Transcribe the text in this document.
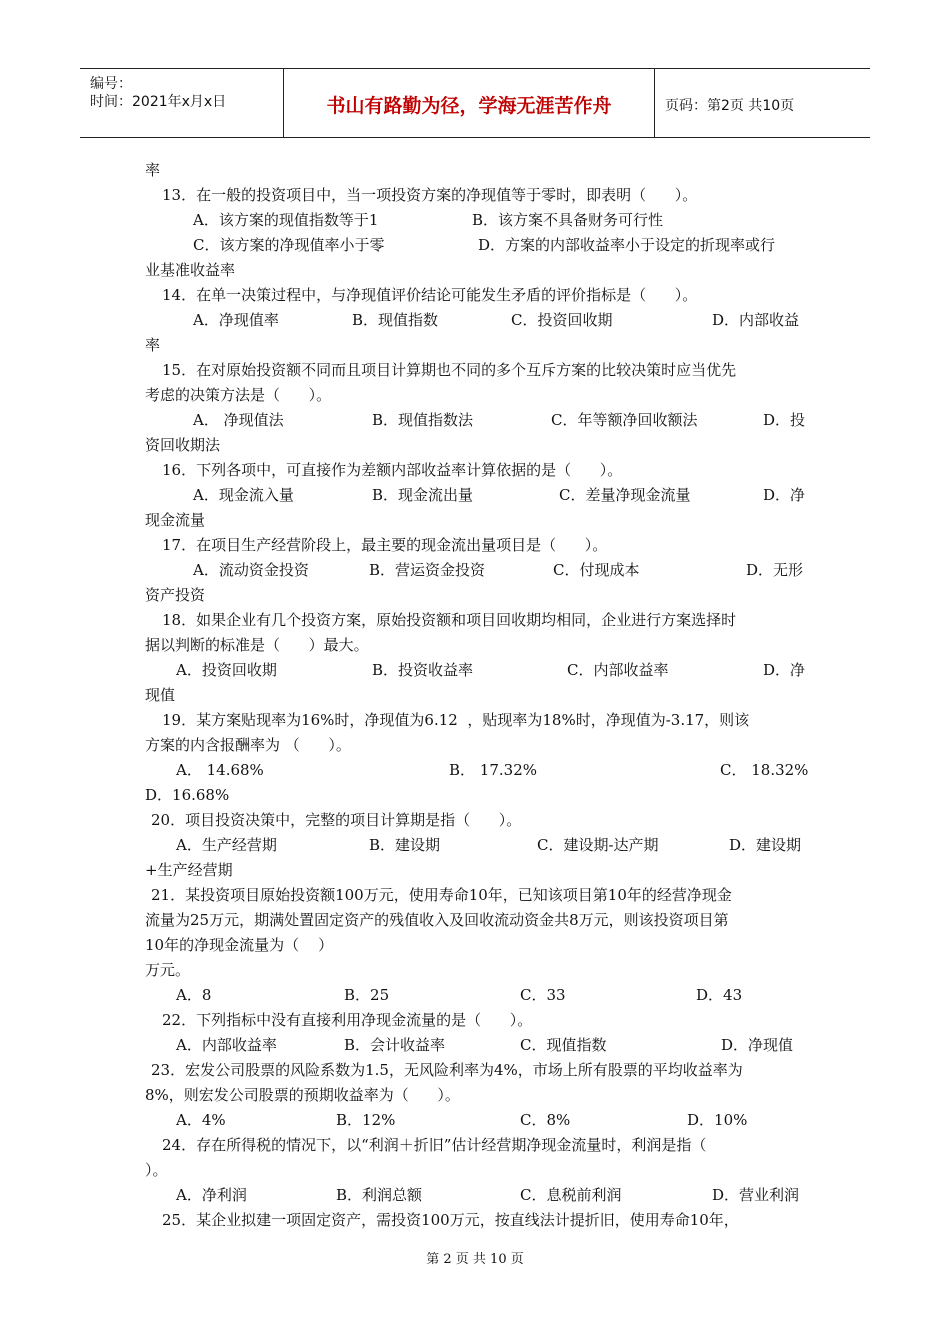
编号：
时间：2021年x月x日	书山有路勤为径，学海无涯苦作舟	页码：第2页 共10页
率
13．在一般的投资项目中，当一项投资方案的净现值等于零时，即表明（      ）。
A．该方案的现值指数等于1	B．该方案不具备财务可行性
C．该方案的净现值率小于零	D．方案的内部收益率小于设定的折现率或行
业基准收益率
14．在单一决策过程中，与净现值评价结论可能发生矛盾的评价指标是（      ）。
A．净现值率	B．现值指数	C．投资回收期	D．内部收益
率
15．在对原始投资额不同而且项目计算期也不同的多个互斥方案的比较决策时应当优先
考虑的决策方法是（      ）。
A． 净现值法	B．现值指数法	C．年等额净回收额法	D．投
资回收期法
16．下列各项中，可直接作为差额内部收益率计算依据的是（      ）。
A．现金流入量	B．现金流出量	C．差量净现金流量	D．净
现金流量
17．在项目生产经营阶段上，最主要的现金流出量项目是（      ）。
A．流动资金投资	B．营运资金投资	C．付现成本	D．无形
资产投资
18．如果企业有几个投资方案，原始投资额和项目回收期均相同，企业进行方案选择时
据以判断的标准是（      ）最大。
A．投资回收期	B．投资收益率	C．内部收益率	D．净
现值
19．某方案贴现率为16%时，净现值为6.12  ，贴现率为18%时，净现值为-3.17，则该
方案的内含报酬率为 （      ）。
A． 14.68%	B． 17.32%	C． 18.32%
D．16.68%
20．项目投资决策中，完整的项目计算期是指（      ）。
A．生产经营期	B．建设期	C．建设期-达产期	D．建设期
+生产经营期
21．某投资项目原始投资额100万元，使用寿命10年，已知该项目第10年的经营净现金
流量为25万元，期满处置固定资产的残值收入及回收流动资金共8万元，则该投资项目第
10年的净现金流量为（    ）
万元。
A．8	B．25	C．33	D．43
22．下列指标中没有直接利用净现金流量的是（      ）。
A．内部收益率	B．会计收益率	C．现值指数	D．净现值
23．宏发公司股票的风险系数为1.5，无风险利率为4%，市场上所有股票的平均收益率为
8%，则宏发公司股票的预期收益率为（      ）。
A．4%	B．12%	C．8%	D．10%
24．存在所得税的情况下，以“利润＋折旧”估计经营期净现金流量时，利润是指（
）。
A．净利润	B．利润总额	C．息税前利润	D．营业利润
25．某企业拟建一项固定资产，需投资100万元，按直线法计提折旧，使用寿命10年，
第 2 页 共 10 页
